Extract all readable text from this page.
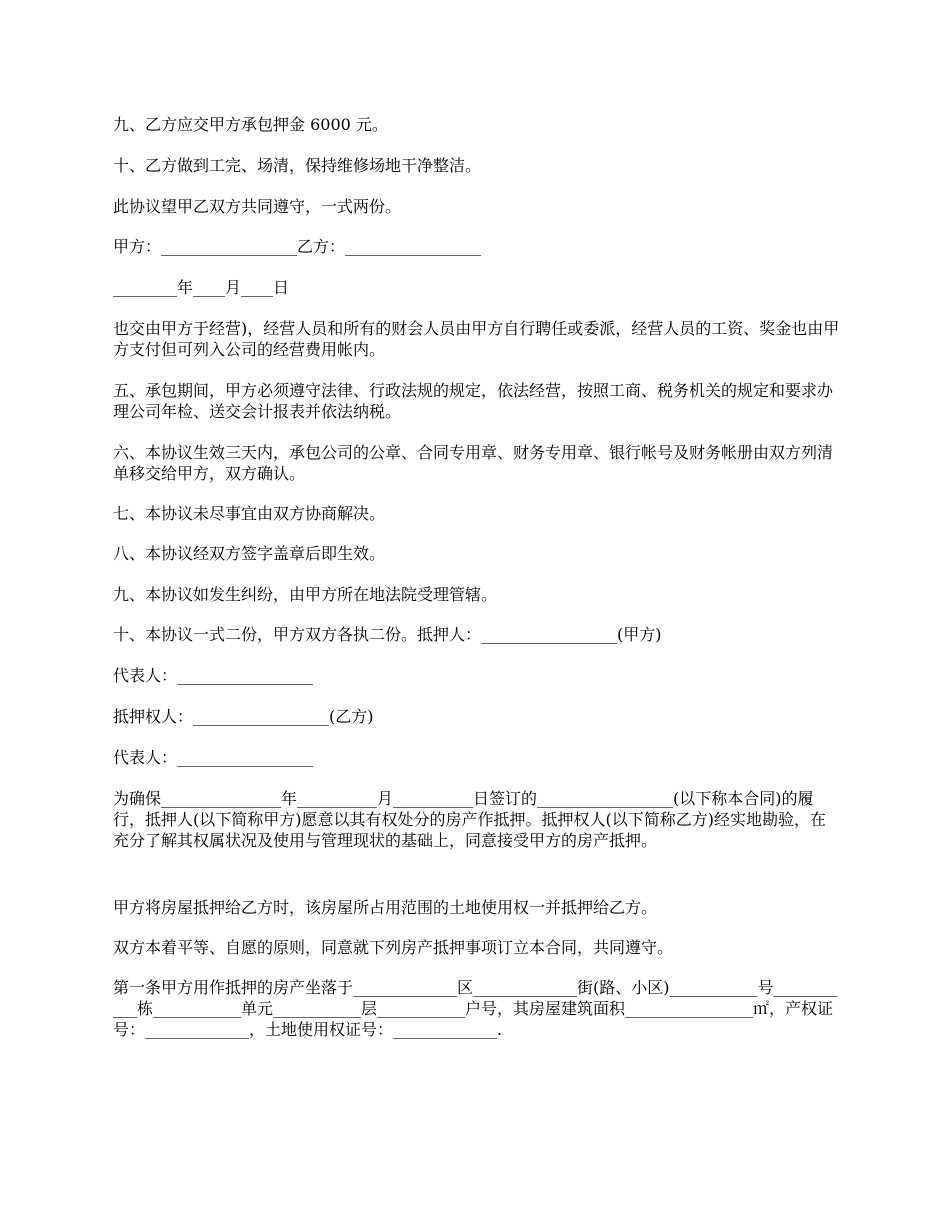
九、乙方应交甲方承包押金 6000 元。

十、乙方做到工完、场清，保持维修场地干净整洁。

此协议望甲乙双方共同遵守，一式两份。

甲方：_________________乙方：_________________

________年____月____日

也交由甲方于经营)，经营人员和所有的财会人员由甲方自行聘任或委派，经营人员的工资、奖金也由甲方支付但可列入公司的经营费用帐内。

五、承包期间，甲方必须遵守法律、行政法规的规定，依法经营，按照工商、税务机关的规定和要求办理公司年检、送交会计报表并依法纳税。

六、本协议生效三天内，承包公司的公章、合同专用章、财务专用章、银行帐号及财务帐册由双方列清单移交给甲方，双方确认。

七、本协议未尽事宜由双方协商解决。

八、本协议经双方签字盖章后即生效。

九、本协议如发生纠纷，由甲方所在地法院受理管辖。

十、本协议一式二份，甲方双方各执二份。抵押人：_________________(甲方)

代表人：_________________

抵押权人：_________________(乙方)

代表人：_________________

为确保_______________年__________月__________日签订的_________________(以下称本合同)的履行，抵押人(以下简称甲方)愿意以其有权处分的房产作抵押。抵押权人(以下简称乙方)经实地勘验，在充分了解其权属状况及使用与管理现状的基础上，同意接受甲方的房产抵押。

甲方将房屋抵押给乙方时，该房屋所占用范围的土地使用权一并抵押给乙方。

双方本着平等、自愿的原则，同意就下列房产抵押事项订立本合同，共同遵守。

第一条甲方用作抵押的房产坐落于_____________区_____________街(路、小区)___________号___________栋___________单元___________层___________户号，其房屋建筑面积________________㎡，产权证号：_____________，土地使用权证号：_____________.
